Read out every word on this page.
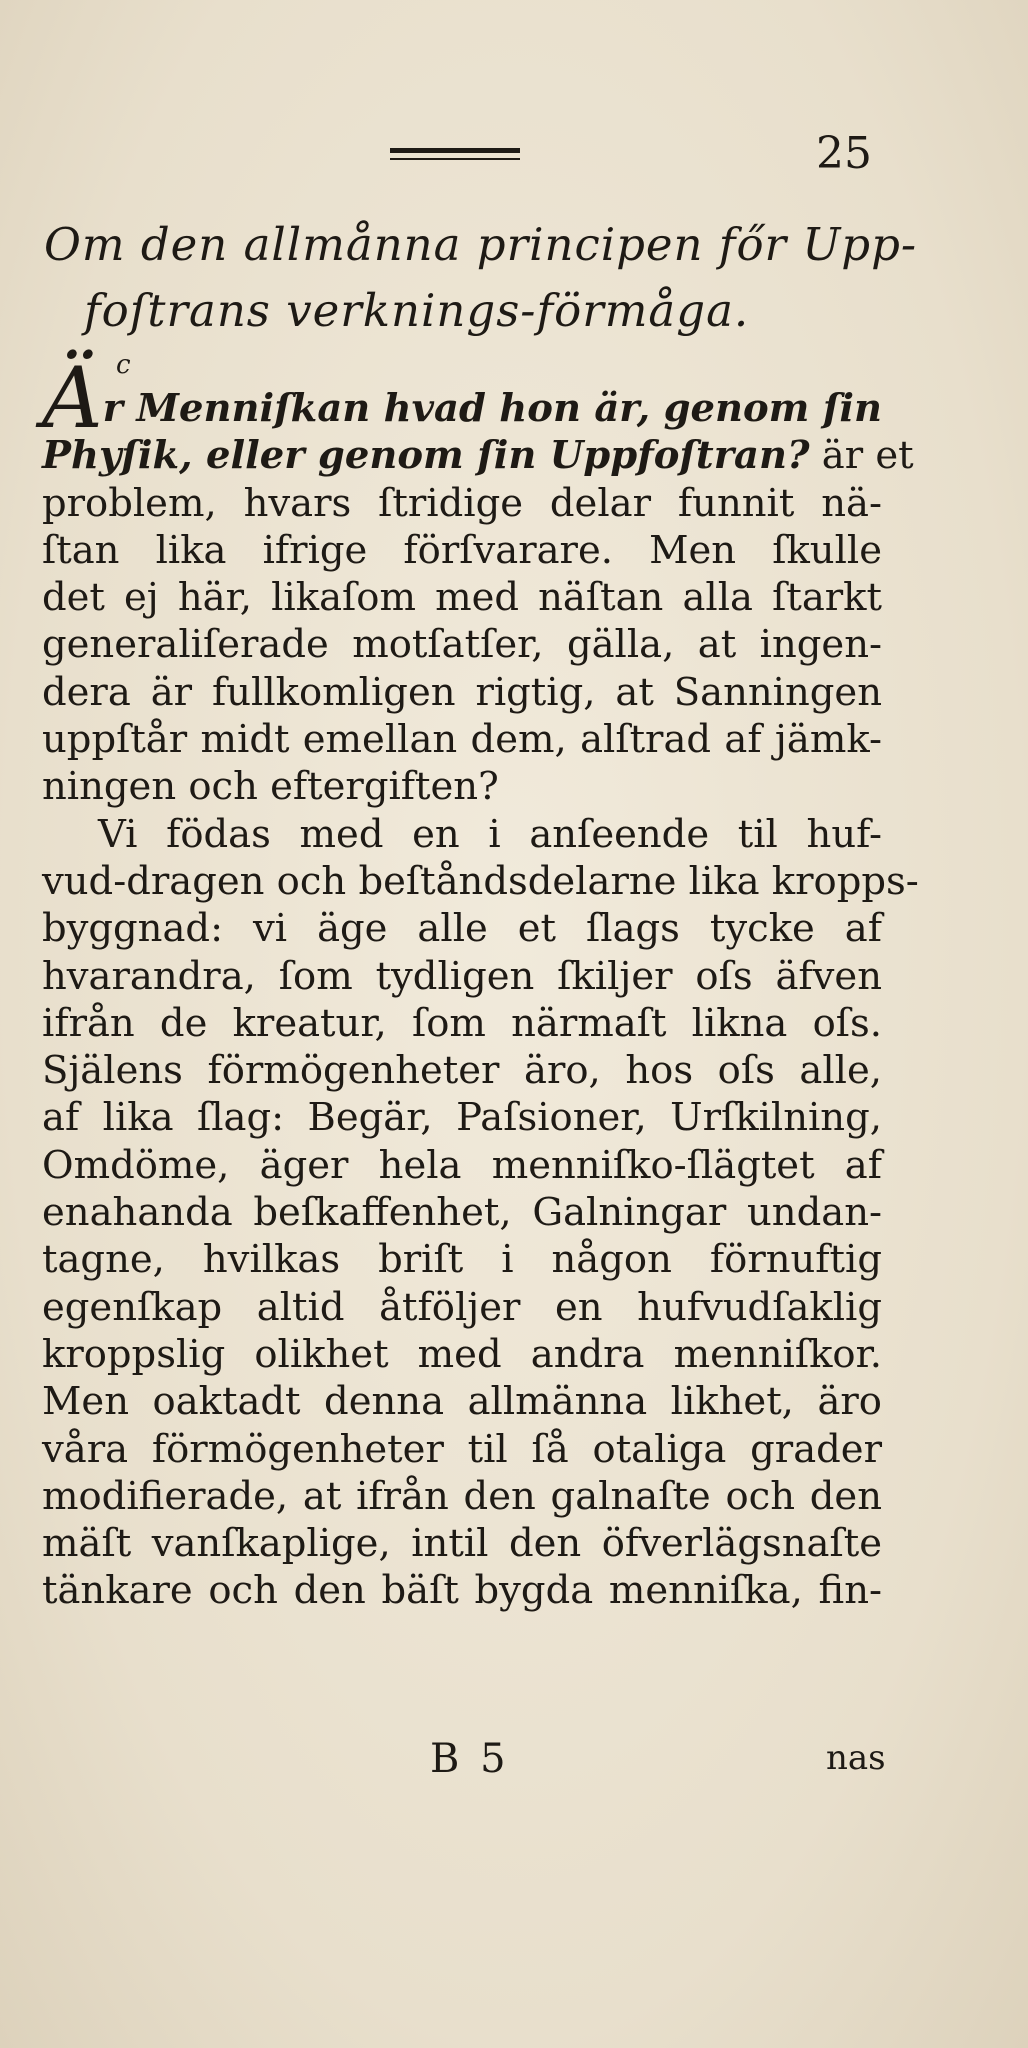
25
Om den allmånna principen főr Upp-
foſtrans verknings-förmåga.
c
Är Menniſkan hvad hon är, genom ſin
Phyſik, eller genom ſin Uppfoſtran? är et
problem, hvars ſtridige delar funnit nä-
ſtan lika ifrige förſvarare. Men ſkulle
det ej här, likaſom med näſtan alla ſtarkt
generaliſerade motſatſer, gälla, at ingen-
dera är fullkomligen rigtig, at Sanningen
uppſtår midt emellan dem, alſtrad af jämk-
ningen och eftergiften?
Vi födas med en i anſeende til huf-
vud-dragen och beſtåndsdelarne lika kropps-
byggnad: vi äge alle et ſlags tycke af
hvarandra, ſom tydligen ſkiljer oſs äfven
ifrån de kreatur, ſom närmaſt likna oſs.
Själens förmögenheter äro, hos oſs alle,
af lika ſlag: Begär, Paſsioner, Urſkilning,
Omdöme, äger hela menniſko-ſlägtet af
enahanda beſkaffenhet, Galningar undan-
tagne, hvilkas briſt i någon förnuftig
egenſkap altid åtföljer en hufvudſaklig
kroppslig olikhet med andra menniſkor.
Men oaktadt denna allmänna likhet, äro
våra förmögenheter til ſå otaliga grader
modifierade, at ifrån den galnaſte och den
mäſt vanſkaplige, intil den öfverlägsnaſte
tänkare och den bäſt bygda menniſka, fin-
B 5	nas
